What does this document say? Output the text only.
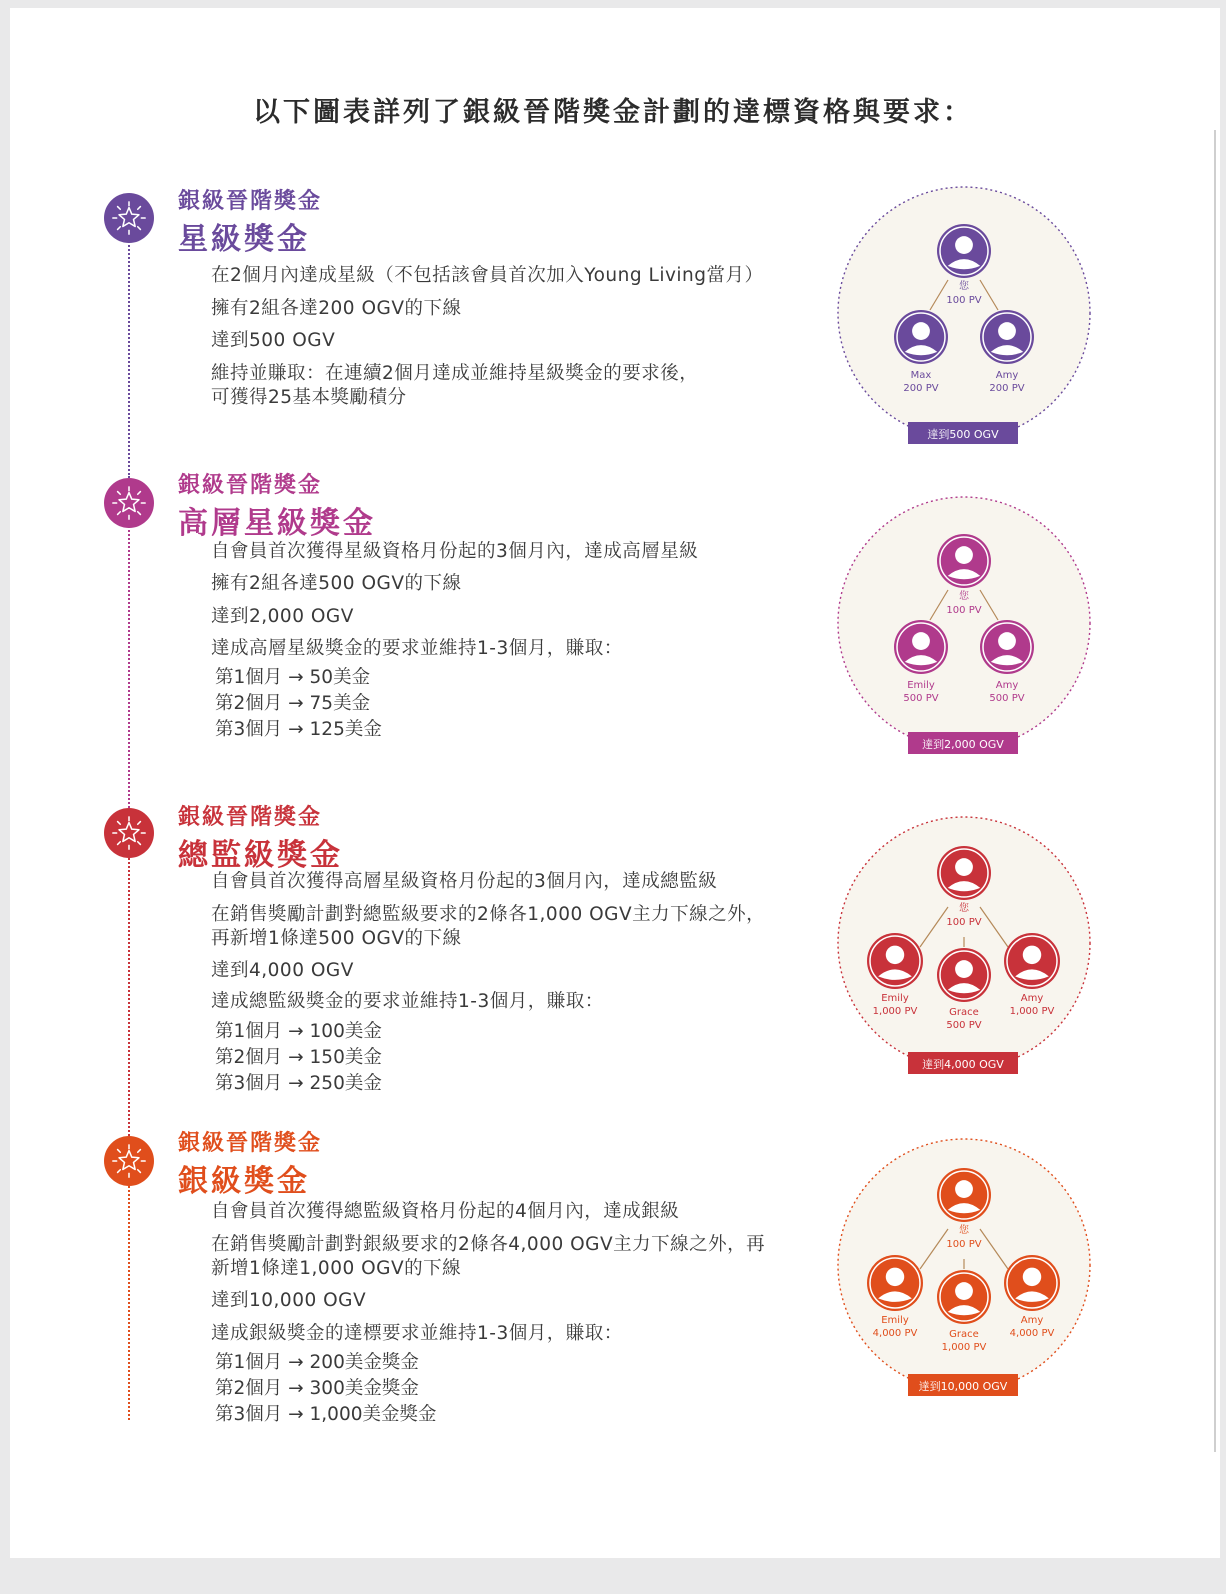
以下圖表詳列了銀級晉階獎金計劃的達標資格與要求：
銀級晉階獎金
星級獎金
在2個月內達成星級（不包括該會員首次加入Young Living當月）
擁有2組各達200 OGV的下線
達到500 OGV
維持並賺取：在連續2個月達成並維持星級獎金的要求後，
可獲得25基本獎勵積分
您
100 PV
Max
200 PV
Amy
200 PV
達到500 OGV
銀級晉階獎金
高層星級獎金
自會員首次獲得星級資格月份起的3個月內，達成高層星級
擁有2組各達500 OGV的下線
達到2,000 OGV
達成高層星級獎金的要求並維持1-3個月，賺取：
第1個月 → 50美金
第2個月 → 75美金
第3個月 → 125美金
您
100 PV
Emily
500 PV
Amy
500 PV
達到2,000 OGV
銀級晉階獎金
總監級獎金
自會員首次獲得高層星級資格月份起的3個月內，達成總監級
在銷售獎勵計劃對總監級要求的2條各1,000 OGV主力下線之外，
再新增1條達500 OGV的下線
達到4,000 OGV
達成總監級獎金的要求並維持1-3個月，賺取：
第1個月 → 100美金
第2個月 → 150美金
第3個月 → 250美金
您
100 PV
Emily
1,000 PV	Grace
500 PV
Amy
1,000 PV
達到4,000 OGV
銀級晉階獎金
銀級獎金
自會員首次獲得總監級資格月份起的4個月內，達成銀級
在銷售獎勵計劃對銀級要求的2條各4,000 OGV主力下線之外，再
新增1條達1,000 OGV的下線
達到10,000 OGV
達成銀級獎金的達標要求並維持1-3個月，賺取：
第1個月 → 200美金獎金
第2個月 → 300美金獎金
第3個月 → 1,000美金獎金
您
100 PV
Emily
4,000 PV	Grace
1,000 PV
Amy
4,000 PV
達到10,000 OGV
